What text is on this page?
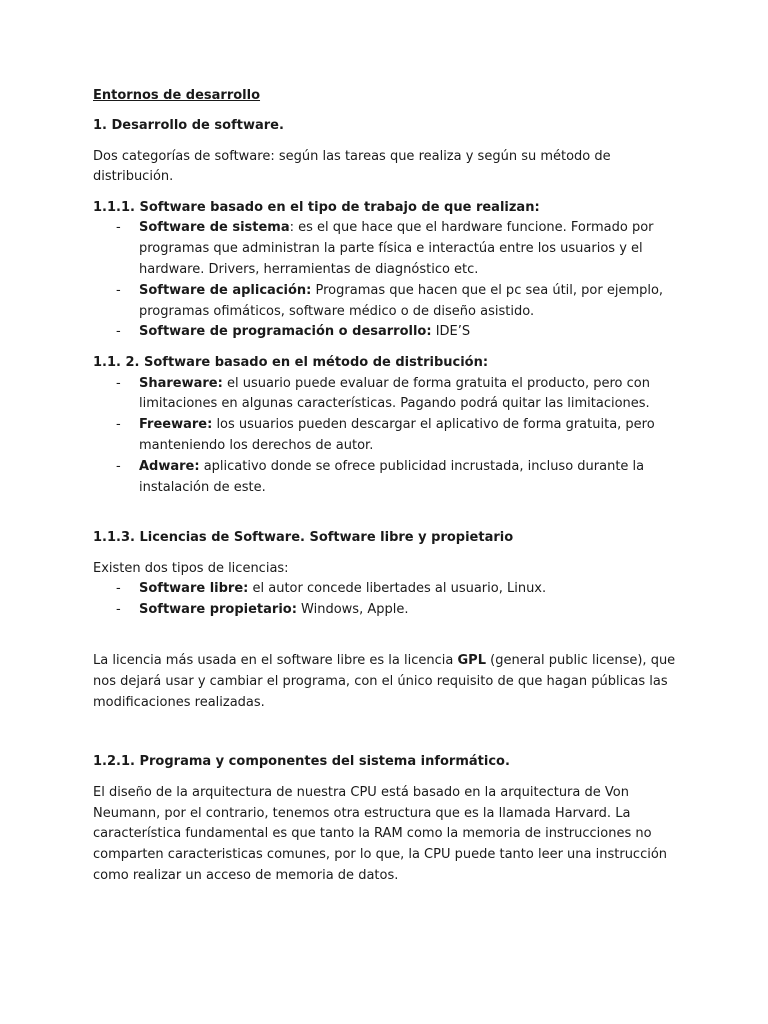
Entornos de desarrollo

1. Desarrollo de software.

Dos categorías de software: según las tareas que realiza y según su método de distribución.

1.1.1. Software basado en el tipo de trabajo de que realizan:

- Software de sistema: es el que hace que el hardware funcione. Formado por programas que administran la parte física e interactúa entre los usuarios y el hardware. Drivers, herramientas de diagnóstico etc.
- Software de aplicación: Programas que hacen que el pc sea útil, por ejemplo, programas ofimáticos, software médico o de diseño asistido.
- Software de programación o desarrollo: IDE’S

1.1. 2. Software basado en el método de distribución:

- Shareware: el usuario puede evaluar de forma gratuita el producto, pero con limitaciones en algunas características. Pagando podrá quitar las limitaciones.
- Freeware: los usuarios pueden descargar el aplicativo de forma gratuita, pero manteniendo los derechos de autor.
- Adware: aplicativo donde se ofrece publicidad incrustada, incluso durante la instalación de este.

1.1.3. Licencias de Software. Software libre y propietario

Existen dos tipos de licencias:

- Software libre: el autor concede libertades al usuario, Linux.
- Software propietario: Windows, Apple.

La licencia más usada en el software libre es la licencia GPL (general public license), que nos dejará usar y cambiar el programa, con el único requisito de que hagan públicas las modificaciones realizadas.

1.2.1. Programa y componentes del sistema informático.

El diseño de la arquitectura de nuestra CPU está basado en la arquitectura de Von Neumann, por el contrario, tenemos otra estructura que es la llamada Harvard. La característica fundamental es que tanto la RAM como la memoria de instrucciones no comparten caracteristicas comunes, por lo que, la CPU puede tanto leer una instrucción como realizar un acceso de memoria de datos.
